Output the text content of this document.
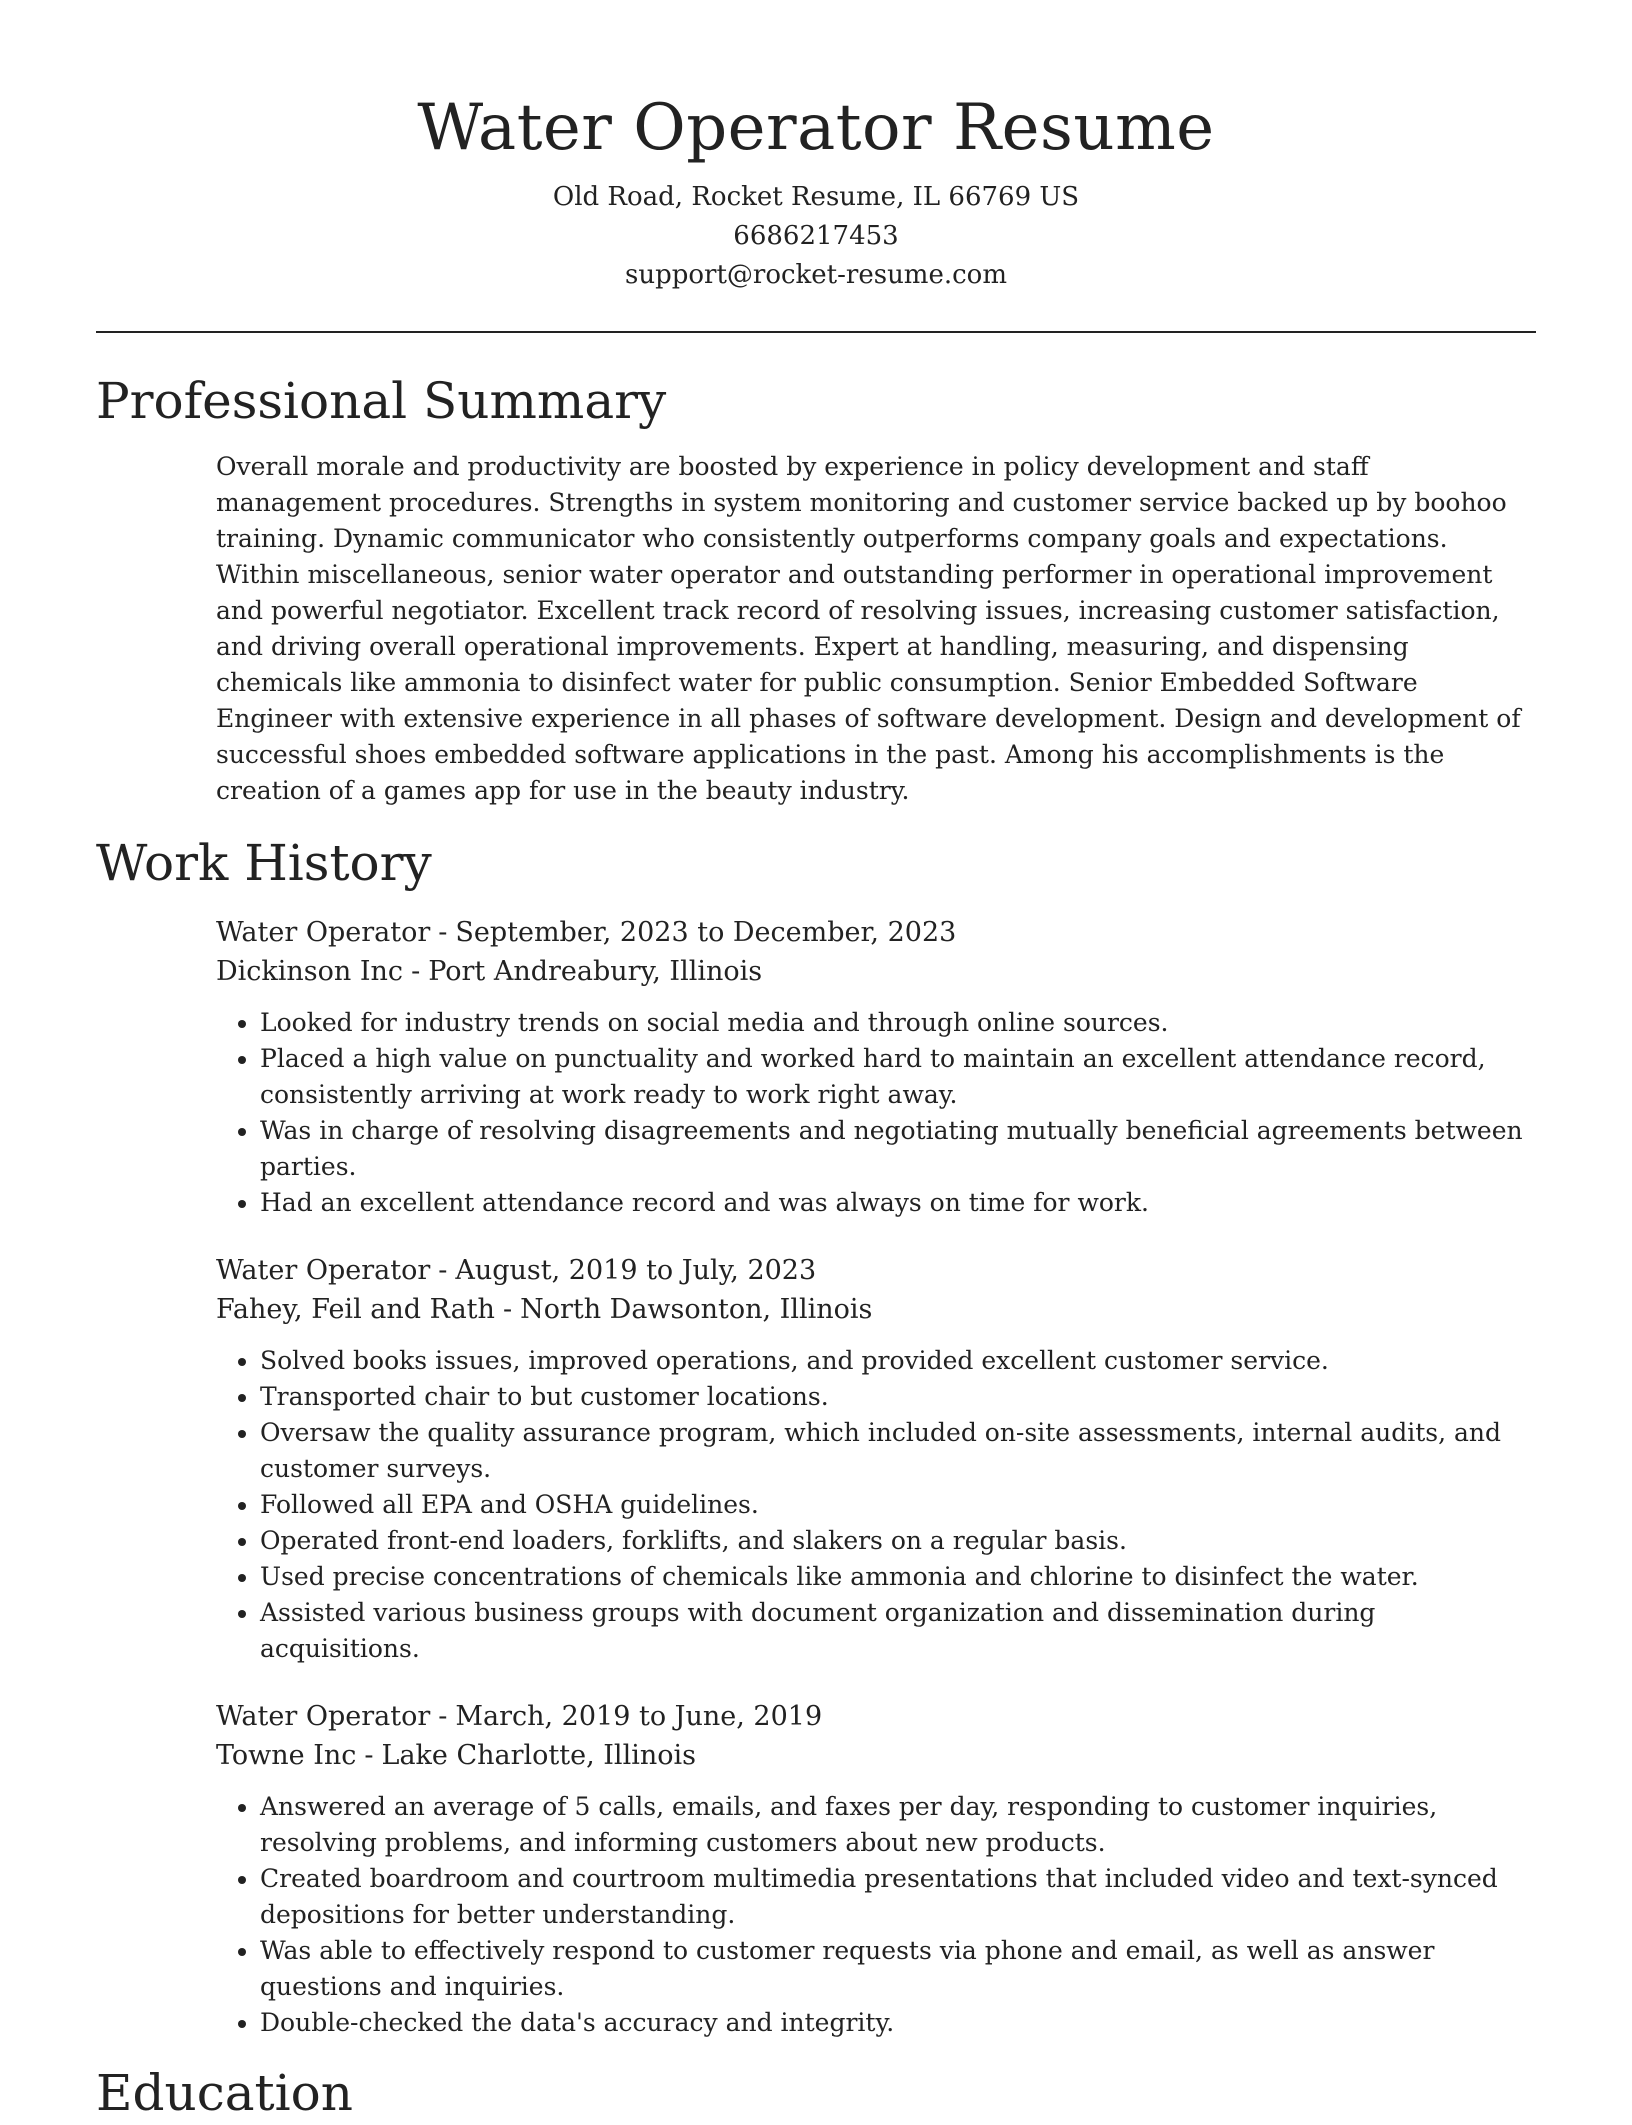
Water Operator Resume
Old Road, Rocket Resume, IL 66769 US
6686217453
support@rocket-resume.com
Professional Summary
Overall morale and productivity are boosted by experience in policy development and staff management procedures. Strengths in system monitoring and customer service backed up by boohoo training. Dynamic communicator who consistently outperforms company goals and expectations. Within miscellaneous, senior water operator and outstanding performer in operational improvement and powerful negotiator. Excellent track record of resolving issues, increasing customer satisfaction, and driving overall operational improvements. Expert at handling, measuring, and dispensing chemicals like ammonia to disinfect water for public consumption. Senior Embedded Software Engineer with extensive experience in all phases of software development. Design and development of successful shoes embedded software applications in the past. Among his accomplishments is the creation of a games app for use in the beauty industry.
Work History
Water Operator - September, 2023 to December, 2023
Dickinson Inc - Port Andreabury, Illinois
• Looked for industry trends on social media and through online sources.
• Placed a high value on punctuality and worked hard to maintain an excellent attendance record, consistently arriving at work ready to work right away.
• Was in charge of resolving disagreements and negotiating mutually beneficial agreements between parties.
• Had an excellent attendance record and was always on time for work.
Water Operator - August, 2019 to July, 2023
Fahey, Feil and Rath - North Dawsonton, Illinois
• Solved books issues, improved operations, and provided excellent customer service.
• Transported chair to but customer locations.
• Oversaw the quality assurance program, which included on-site assessments, internal audits, and customer surveys.
• Followed all EPA and OSHA guidelines.
• Operated front-end loaders, forklifts, and slakers on a regular basis.
• Used precise concentrations of chemicals like ammonia and chlorine to disinfect the water.
• Assisted various business groups with document organization and dissemination during acquisitions.
Water Operator - March, 2019 to June, 2019
Towne Inc - Lake Charlotte, Illinois
• Answered an average of 5 calls, emails, and faxes per day, responding to customer inquiries, resolving problems, and informing customers about new products.
• Created boardroom and courtroom multimedia presentations that included video and text-synced depositions for better understanding.
• Was able to effectively respond to customer requests via phone and email, as well as answer questions and inquiries.
• Double-checked the data's accuracy and integrity.
Education
